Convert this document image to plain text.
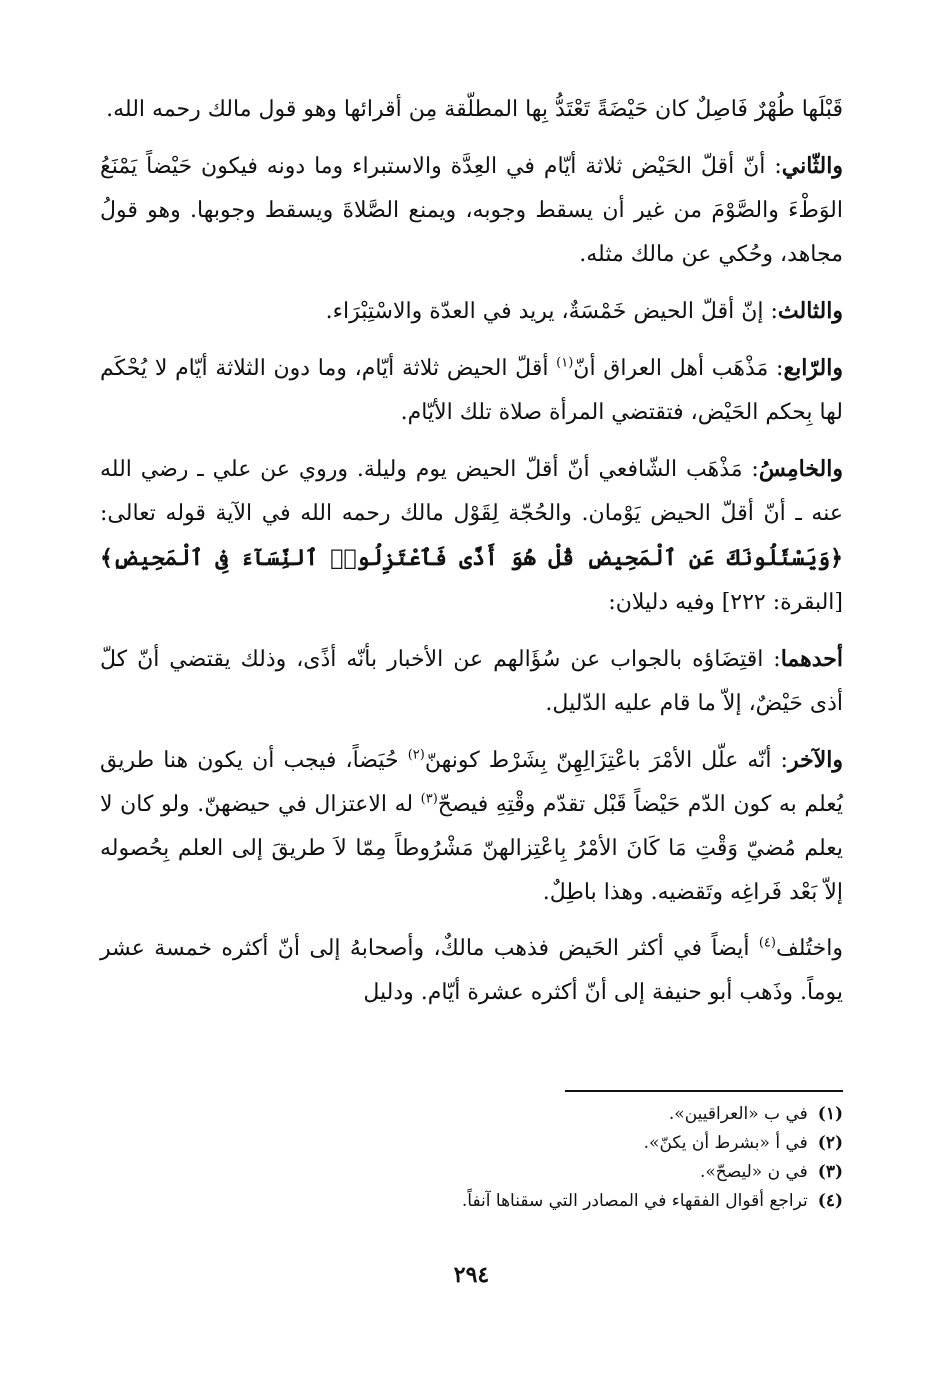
قَبْلَها طُهْرٌ فَاصِلٌ كان حَيْضَةً تَعْتَدُّ بِها المطلّقة مِن أقرائها وهو قول مالك رحمه الله.

والثّاني: أنّ أقلّ الحَيْض ثلاثة أيّام في العِدَّة والاستبراء وما دونه فيكون حَيْضاً يَمْنَعُ الوَطْءَ والصَّوْمَ من غير أن يسقط وجوبه، ويمنع الصَّلاةَ ويسقط وجوبها. وهو قولُ مجاهد، وحُكي عن مالك مثله.

والثالث: إنّ أقلّ الحيض خَمْسَةٌ، يريد في العدّة والاسْتِبْرَاء.

والرّابع: مَذْهَب أهل العراق أنّ$^{(١)}$ أقلّ الحيض ثلاثة أيّام، وما دون الثلاثة أيّام لا يُحْكَم لها بِحكم الحَيْض، فتقتضي المرأة صلاة تلك الأيّام.

والخامِسُ: مَذْهَب الشّافعي أنّ أقلّ الحيض يوم وليلة. وروي عن علي ـ رضي الله عنه ـ أنّ أقلّ الحيض يَوْمان. والحُجّة لِقَوْل مالك رحمه الله في الآية قوله تعالى: ﴿وَيَسْئَلُونَكَ عَنِ ٱلْمَحِيضِ قُلْ هُوَ أَذًى فَٱعْتَزِلُوا۟ ٱلنِّسَآءَ فِى ٱلْمَحِيضِ﴾ [البقرة: ٢٢٢] وفيه دليلان:

أحدهما: اقتِضَاؤه بالجواب عن سُؤَالهم عن الأخبار بأنّه أذًى، وذلك يقتضي أنّ كلّ أذى حَيْضٌ، إلاّ ما قام عليه الدّليل.

والآخر: أنّه علّل الأمْرَ باعْتِزَالِهِنّ بِشَرْط كونهنّ$^{(٢)}$ حُيَضاً، فيجب أن يكون هنا طريق يُعلم به كون الدّم حَيْضاً قَبْل تقدّم وقْتِهِ فيصحّ$^{(٣)}$ له الاعتزال في حيضهنّ. ولو كان لا يعلم مُضيّ وَقْتِ مَا كَانَ الأمْرُ بِاعْتِزالهنّ مَشْرُوطاً مِمّا لاَ طريقَ إلى العلم بِحُصوله إلاّ بَعْد فَراغِه وتَقضيه. وهذا باطِلٌ.

واختُلف$^{(٤)}$ أيضاً في أكثر الحَيض فذهب مالكٌ، وأصحابهُ إلى أنّ أكثره خمسة عشر يوماً. وذَهب أبو حنيفة إلى أنّ أكثره عشرة أيّام. ودليل

(١)في ب «العراقيين».
(٢)في أ «بشرط أن يكنّ».
(٣)في ن «ليصحّ».
(٤)تراجع أقوال الفقهاء في المصادر التي سقناها آنفاً.
٢٩٤
